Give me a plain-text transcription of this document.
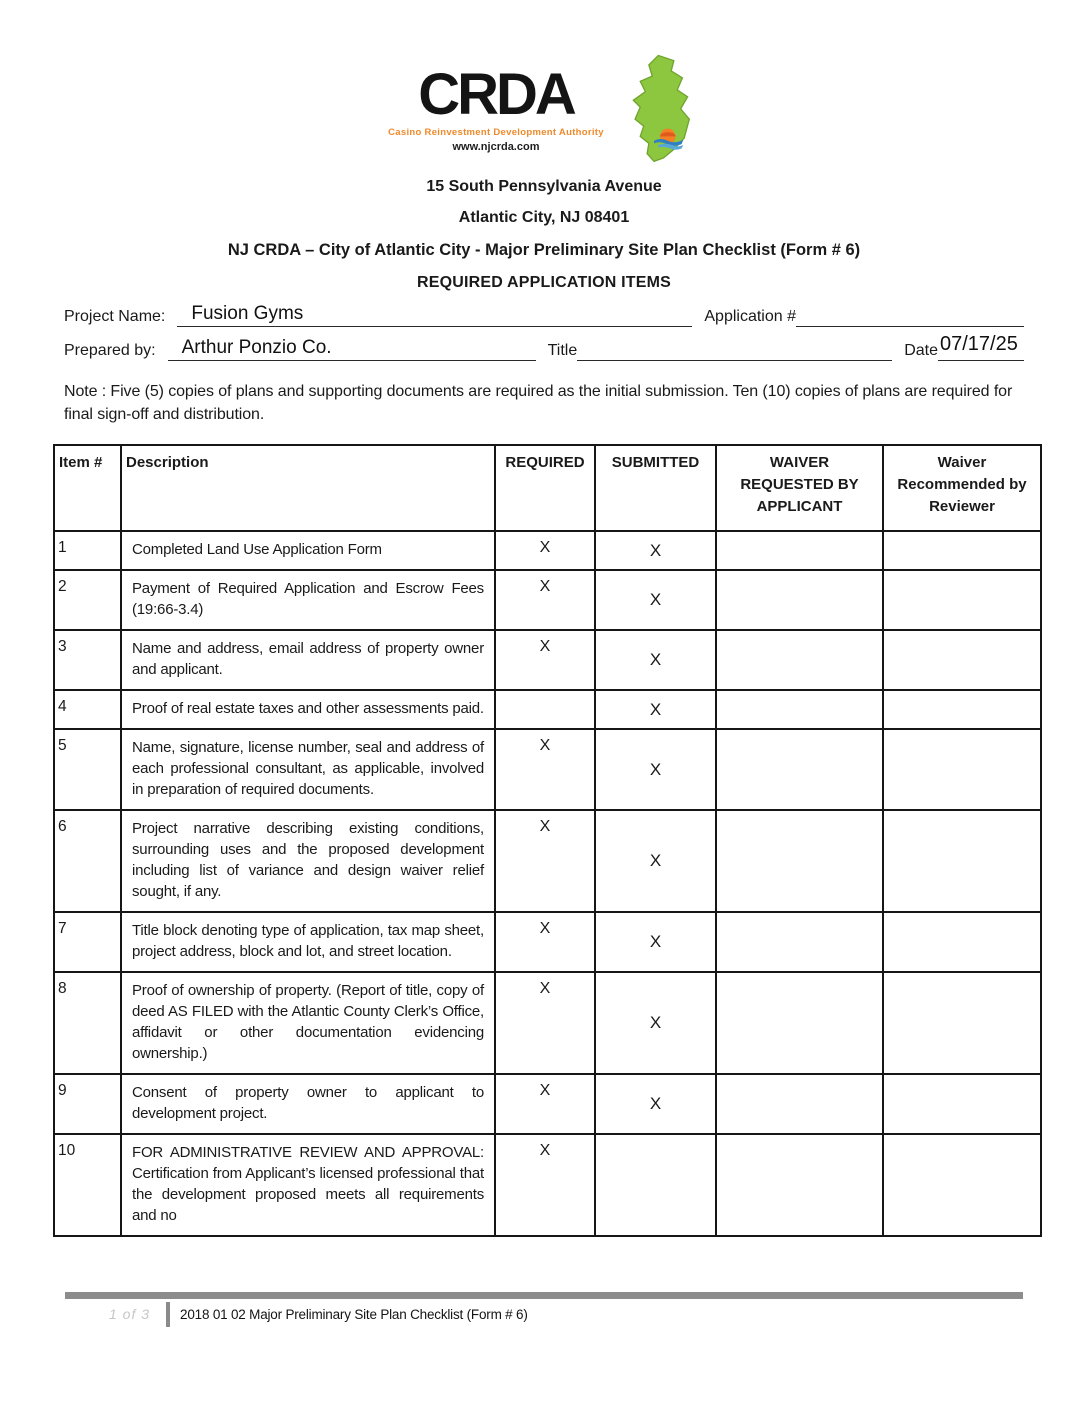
CRDA
Casino Reinvestment Development Authority
www.njcrda.com
15 South Pennsylvania Avenue
Atlantic City, NJ 08401
NJ CRDA – City of Atlantic City - Major Preliminary Site Plan Checklist (Form # 6)
REQUIRED APPLICATION ITEMS
Project Name: Fusion Gyms	Application #
Prepared by: Arthur Ponzio Co.	Title	Date 07/17/25
Note : Five (5) copies of plans and supporting documents are required as the initial submission. Ten (10) copies of plans are required for final sign-off and distribution.
Item #	Description	REQUIRED	SUBMITTED	WAIVER REQUESTED BY APPLICANT	Waiver Recommended by Reviewer
1	Completed Land Use Application Form	X	X		
2	Payment of Required Application and Escrow Fees (19:66-3.4)	X	X		
3	Name and address, email address of property owner and applicant.	X	X		
4	Proof of real estate taxes and other assessments paid.		X		
5	Name, signature, license number, seal and address of each professional consultant, as applicable, involved in preparation of required documents.	X	X		
6	Project narrative describing existing conditions, surrounding uses and the proposed development including list of variance and design waiver relief sought, if any.	X	X		
7	Title block denoting type of application, tax map sheet, project address, block and lot, and street location.	X	X		
8	Proof of ownership of property. (Report of title, copy of deed AS FILED with the Atlantic County Clerk’s Office, affidavit or other documentation evidencing ownership.)	X	X		
9	Consent of property owner to applicant to development project.	X	X		
10	FOR ADMINISTRATIVE REVIEW AND APPROVAL: Certification from Applicant’s licensed professional that the development proposed meets all requirements and no	X			
1 of 3 2018 01 02 Major Preliminary Site Plan Checklist (Form # 6)
